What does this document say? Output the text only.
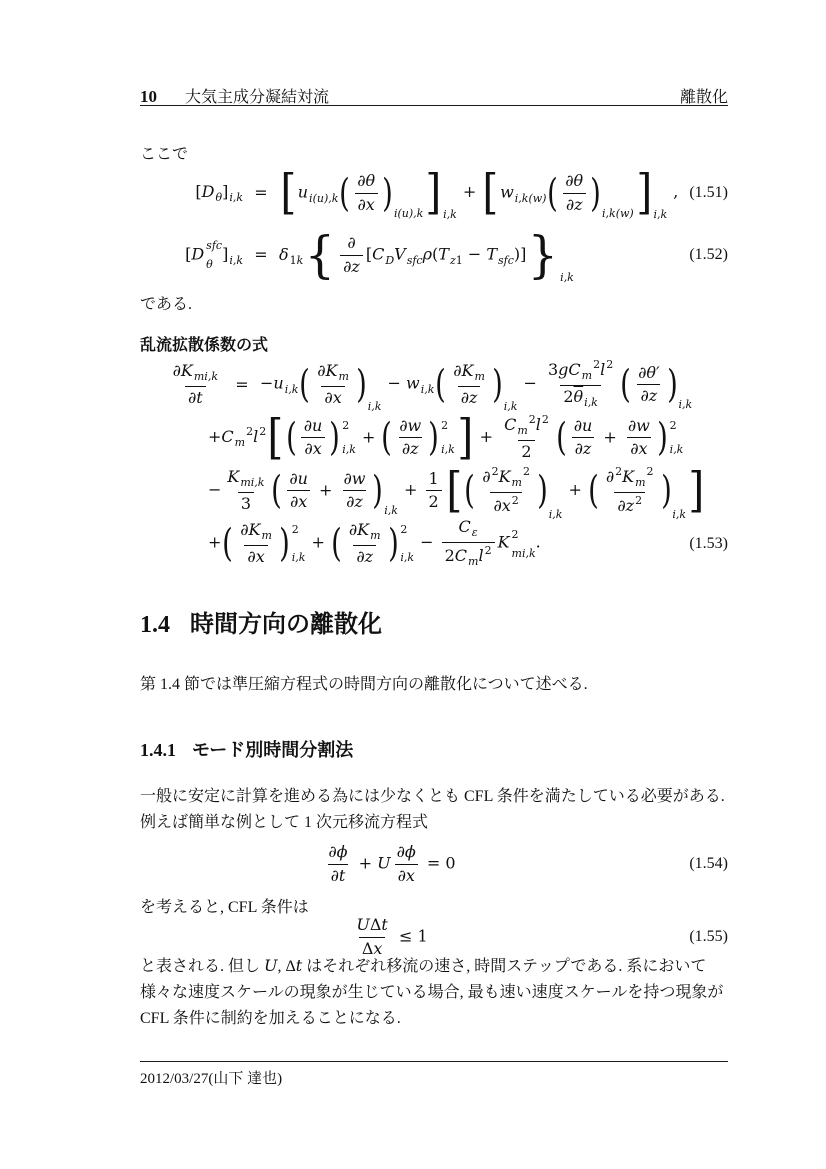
10 大気主成分凝結対流	離散化
ここで
$[D_\theta]_{i,k}$ = [ $u_{i(u),k}$ ( $\frac{\partial\theta}{\partial x}$ ) i(u),k ] i,k
+ [ $w_{i,k(w)}$ ( $\frac{\partial\theta}{\partial z}$ ) i,k(w) ] i,k
, (1.51)
[D sfc
θ
]$_{i,k} = \delta_{1k}$ { $\frac{\partial}{\partial z} [C_DV_{sfc}\rho(T_{z1} - T_{sfc})]$ } i,k
(1.52)
である.
乱流拡散係数の式
$\frac{\partial K_{mi,k}}{\partial t} = -u_{i,k}$ ( $\frac{\partial K_m}{\partial x}$ )
i,k
− $w_{i,k}$ ( $\frac{\partial K_m}{\partial z}$ )
i,k
− $\frac{3gC_m^2l^2}{2\overline{\theta}_{i,k}}$ ( $\frac{\partial\theta'}{\partial z}$ ) i,k
$+C_m^2l^2$ [ ( $\frac{\partial u}{\partial x}$ ) 2
i,k
+ ( $\frac{\partial w}{\partial z}$ ) 2
i,k ] + $\frac{C_m^2l^2}{2}$ ( $\frac{\partial u}{\partial z} + \frac{\partial w}{\partial x}$ ) 2
i,k
− $\frac{K_{mi,k}}{3}$ ( $\frac{\partial u}{\partial x} + \frac{\partial w}{\partial z}$ ) i,k
+ $\frac{1}{2}$ [ ( $\frac{\partial^2K_m^2}{\partial x^2}$ )
i,k
+ ( $\frac{\partial^2K_m^2}{\partial z^2}$ )
i,k ]
+ ( $\frac{\partial K_m}{\partial x}$ ) 2
i,k
+ ( $\frac{\partial K_m}{\partial z}$ ) 2
i,k
− $\frac{C_\varepsilon}{2C_ml^2}$ K 2
mi,k
.	(1.53)
1.4 時間方向の離散化
第 1.4 節では準圧縮方程式の時間方向の離散化について述べる.
1.4.1 モード別時間分割法
一般に安定に計算を進める為には少なくとも CFL 条件を満たしている必要がある.
例えば簡単な例として 1 次元移流方程式
$\frac{\partial\phi}{\partial t} + U \frac{\partial\phi}{\partial x} = 0$	(1.54)
を考えると, CFL 条件は
$\frac{\text{UΔt}}{\Delta x} \le 1$	(1.55)
と表される. 但し U, Δt はそれぞれ移流の速さ, 時間ステップである. 系において
様々な速度スケールの現象が生じている場合, 最も速い速度スケールを持つ現象が
CFL 条件に制約を加えることになる.
2012/03/27(山下 達也)
